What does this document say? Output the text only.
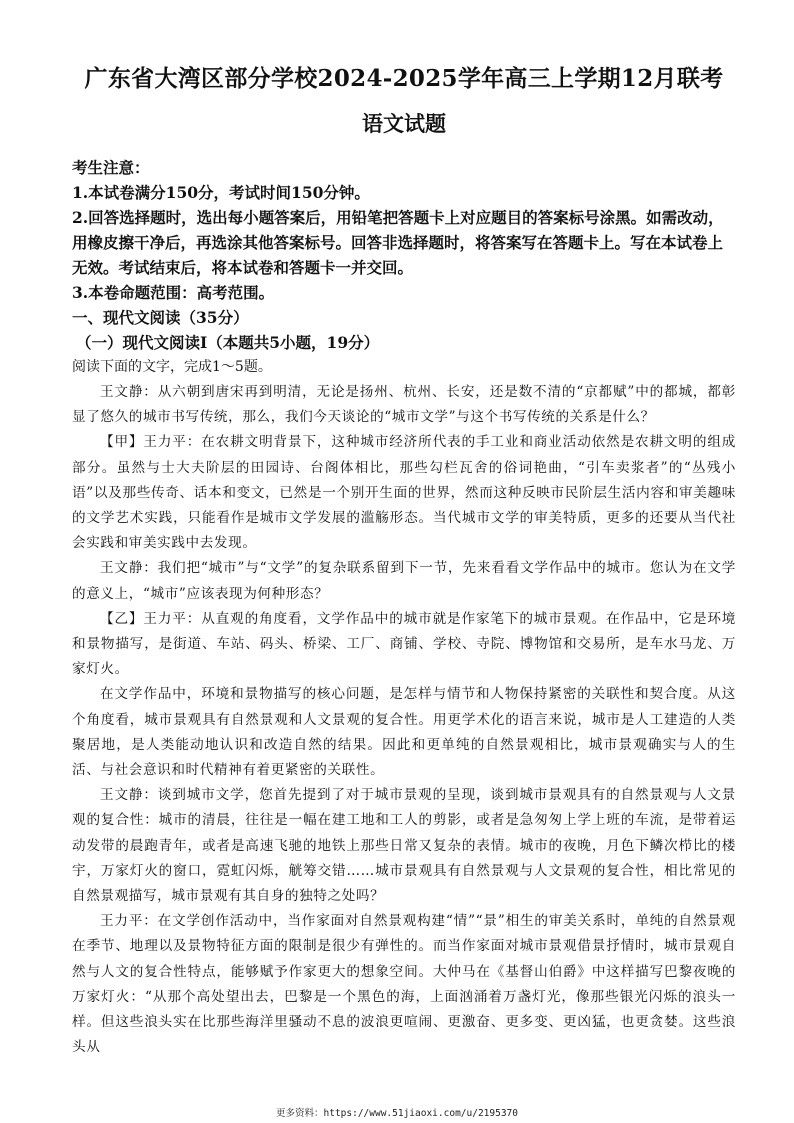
广东省大湾区部分学校2024-2025学年高三上学期12月联考
语文试题

考生注意：

1.本试卷满分150分，考试时间150分钟。

2.回答选择题时，选出每小题答案后，用铅笔把答题卡上对应题目的答案标号涂黑。如需改动，用橡皮擦干净后，再选涂其他答案标号。回答非选择题时，将答案写在答题卡上。写在本试卷上无效。考试结束后，将本试卷和答题卡一并交回。

3.本卷命题范围：高考范围。

一、现代文阅读（35分）

（一）现代文阅读Ⅰ（本题共5小题，19分）

阅读下面的文字，完成1～5题。

王文静：从六朝到唐宋再到明清，无论是扬州、杭州、长安，还是数不清的“京都赋”中的都城，都彰显了悠久的城市书写传统，那么，我们今天谈论的“城市文学”与这个书写传统的关系是什么？

【甲】王力平：在农耕文明背景下，这种城市经济所代表的手工业和商业活动依然是农耕文明的组成部分。虽然与士大夫阶层的田园诗、台阁体相比，那些勾栏瓦舍的俗词艳曲，“引车卖浆者”的“丛残小语”以及那些传奇、话本和变文，已然是一个别开生面的世界，然而这种反映市民阶层生活内容和审美趣味的文学艺术实践，只能看作是城市文学发展的滥觞形态。当代城市文学的审美特质，更多的还要从当代社会实践和审美实践中去发现。

王文静：我们把“城市”与“文学”的复杂联系留到下一节，先来看看文学作品中的城市。您认为在文学的意义上，“城市”应该表现为何种形态？

【乙】王力平：从直观的角度看，文学作品中的城市就是作家笔下的城市景观。在作品中，它是环境和景物描写，是街道、车站、码头、桥梁、工厂、商铺、学校、寺院、博物馆和交易所，是车水马龙、万家灯火。

在文学作品中，环境和景物描写的核心问题，是怎样与情节和人物保持紧密的关联性和契合度。从这个角度看，城市景观具有自然景观和人文景观的复合性。用更学术化的语言来说，城市是人工建造的人类聚居地，是人类能动地认识和改造自然的结果。因此和更单纯的自然景观相比，城市景观确实与人的生活、与社会意识和时代精神有着更紧密的关联性。

王文静：谈到城市文学，您首先提到了对于城市景观的呈现，谈到城市景观具有的自然景观与人文景观的复合性：城市的清晨，往往是一幅在建工地和工人的剪影，或者是急匆匆上学上班的车流，是带着运动发带的晨跑青年，或者是高速飞驰的地铁上那些日常又复杂的表情。城市的夜晚，月色下鳞次栉比的楼宇，万家灯火的窗口，霓虹闪烁，觥筹交错……城市景观具有自然景观与人文景观的复合性，相比常见的自然景观描写，城市景观有其自身的独特之处吗？

王力平：在文学创作活动中，当作家面对自然景观构建“情”“景”相生的审美关系时，单纯的自然景观在季节、地理以及景物特征方面的限制是很少有弹性的。而当作家面对城市景观借景抒情时，城市景观自然与人文的复合性特点，能够赋予作家更大的想象空间。大仲马在《基督山伯爵》中这样描写巴黎夜晚的万家灯火：“从那个高处望出去，巴黎是一个黑色的海，上面汹涌着万盏灯光，像那些银光闪烁的浪头一样。但这些浪头实在比那些海洋里骚动不息的波浪更喧闹、更激奋、更多变、更凶猛，也更贪婪。这些浪头从

更多资料：https://www.51jiaoxi.com/u/2195370
